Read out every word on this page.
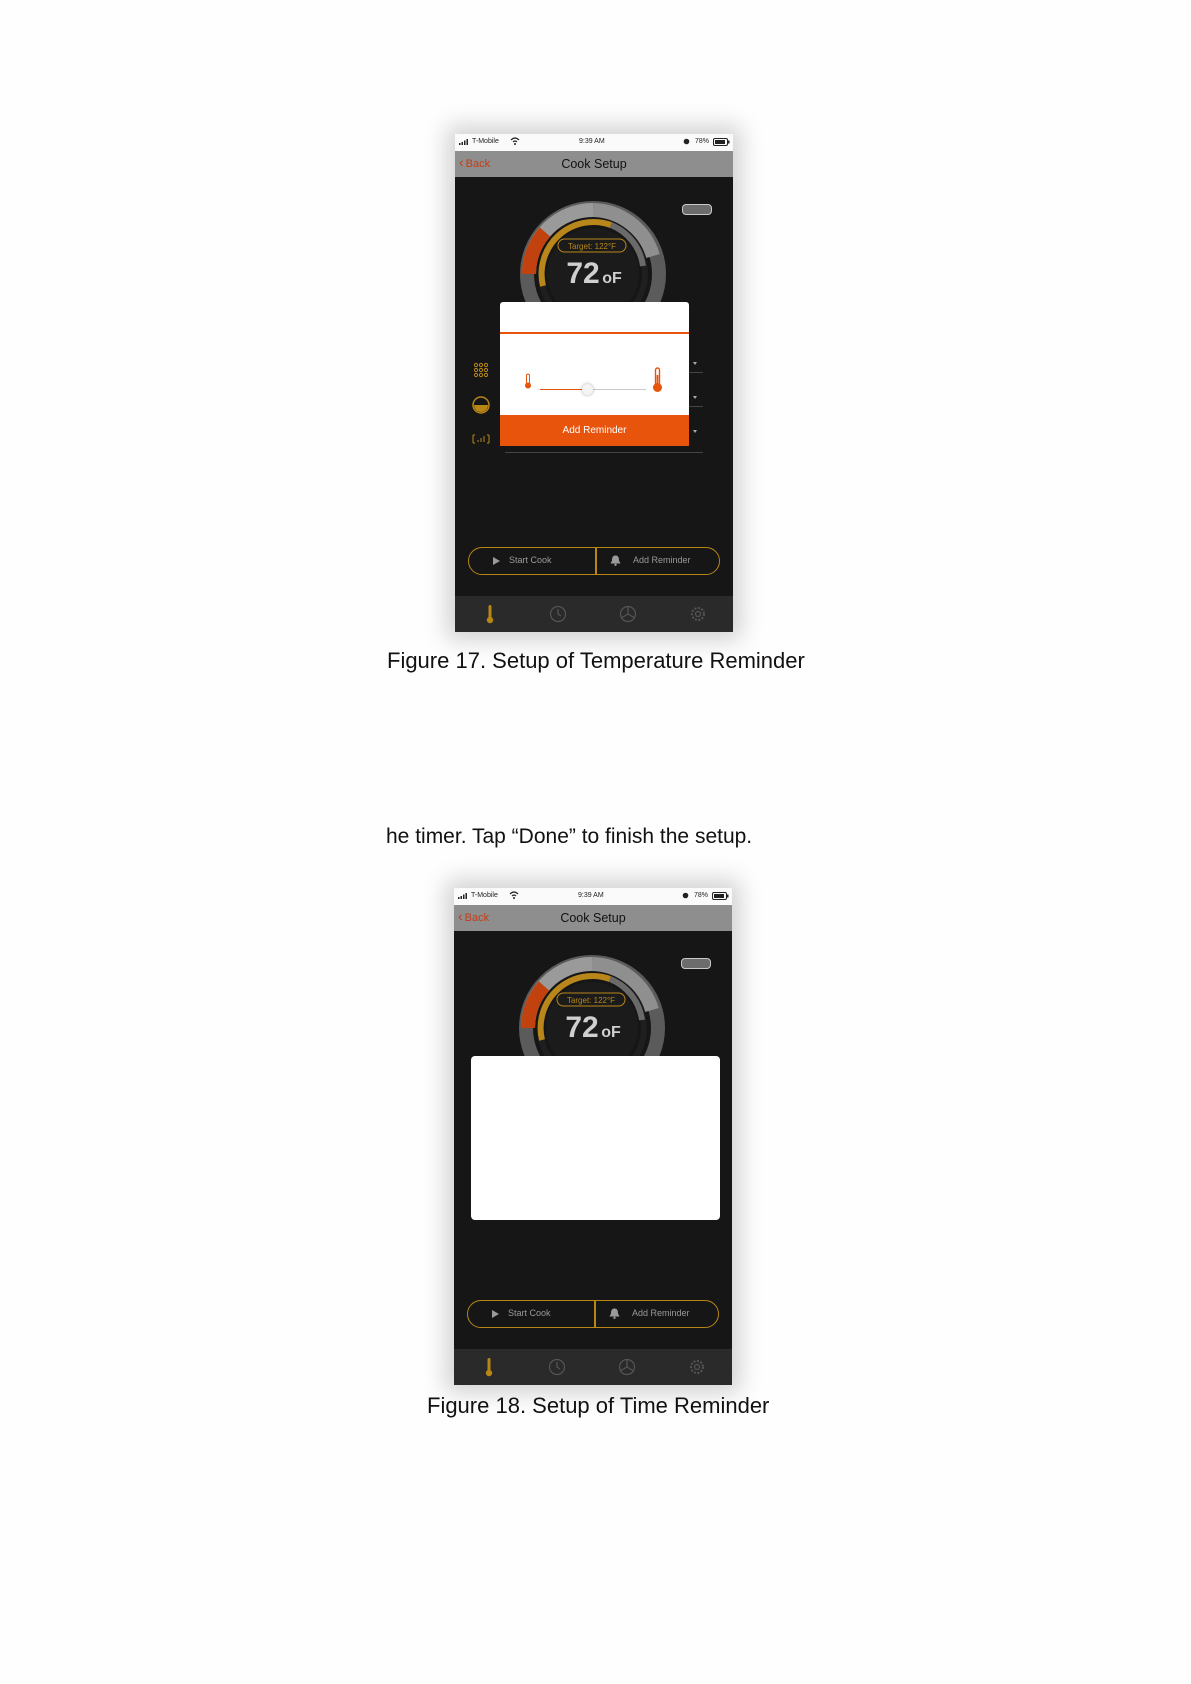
T-Mobile	9:39 AM	78%
‹ Back	Cook Setup
Target: 122°F
72 oF
Add Reminder
Start Cook	Add Reminder
Figure 17. Setup of Temperature Reminder
he timer. Tap “Done” to finish the setup.
T-Mobile	9:39 AM	78%
‹ Back	Cook Setup
Target: 122°F
72 oF
Start Cook	Add Reminder
Figure 18. Setup of Time Reminder
